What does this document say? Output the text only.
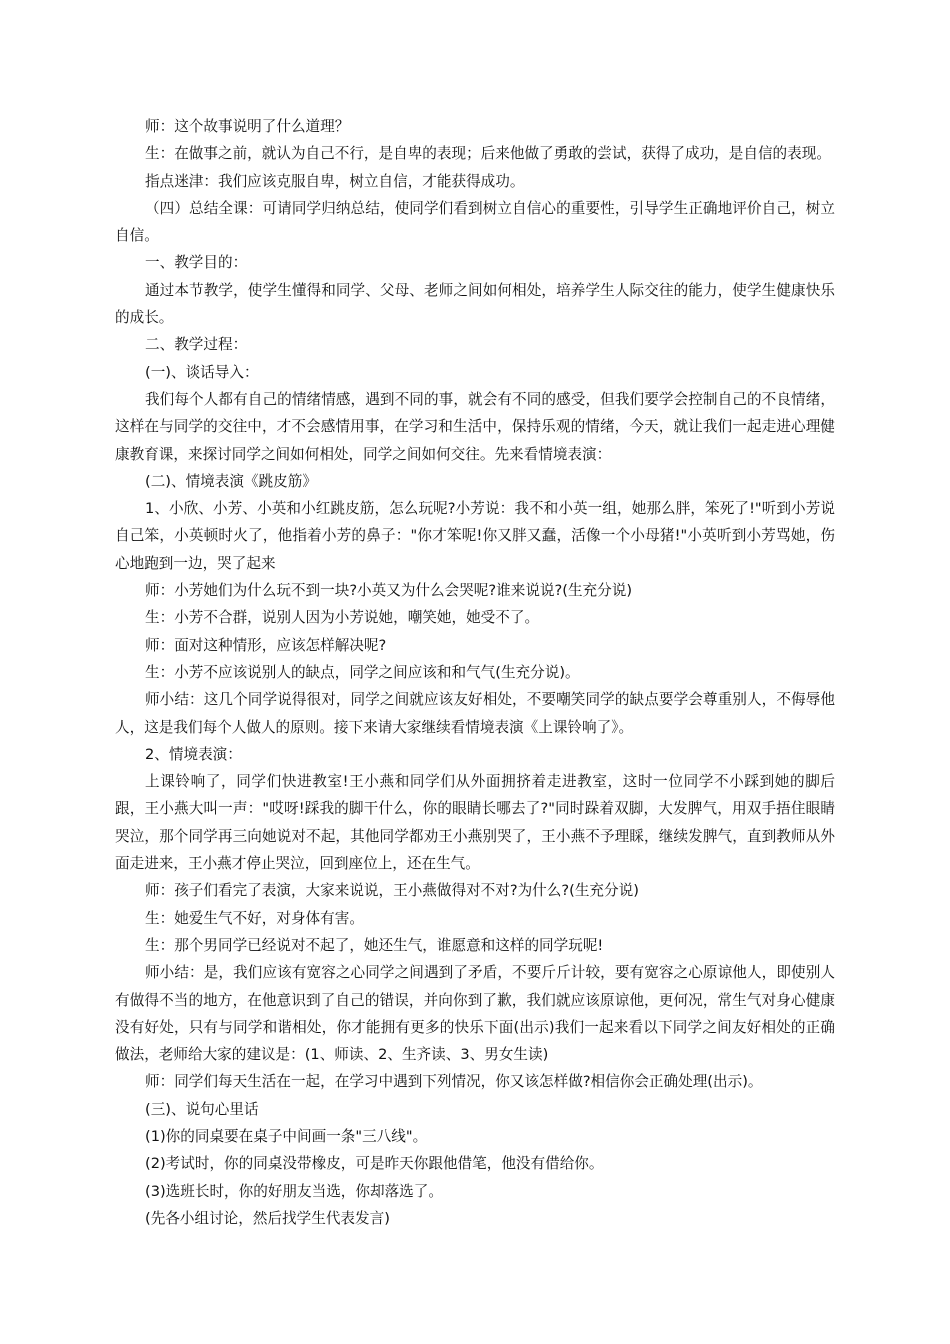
师：这个故事说明了什么道理？

生：在做事之前，就认为自己不行，是自卑的表现；后来他做了勇敢的尝试，获得了成功，是自信的表现。

指点迷津：我们应该克服自卑，树立自信，才能获得成功。

（四）总结全课：可请同学归纳总结，使同学们看到树立自信心的重要性，引导学生正确地评价自己，树立自信。

一、教学目的：

通过本节教学，使学生懂得和同学、父母、老师之间如何相处，培养学生人际交往的能力，使学生健康快乐的成长。

二、教学过程：

(一)、谈话导入：

我们每个人都有自己的情绪情感，遇到不同的事，就会有不同的感受，但我们要学会控制自己的不良情绪，这样在与同学的交往中，才不会感情用事，在学习和生活中，保持乐观的情绪，今天，就让我们一起走进心理健康教育课，来探讨同学之间如何相处，同学之间如何交往。先来看情境表演：

(二)、情境表演《跳皮筋》

1、小欣、小芳、小英和小红跳皮筋，怎么玩呢?小芳说：我不和小英一组，她那么胖，笨死了!"听到小芳说自己笨，小英顿时火了，他指着小芳的鼻子："你才笨呢!你又胖又蠢，活像一个小母猪!"小英听到小芳骂她，伤心地跑到一边，哭了起来

师：小芳她们为什么玩不到一块?小英又为什么会哭呢?谁来说说?(生充分说)

生：小芳不合群，说别人因为小芳说她，嘲笑她，她受不了。

师：面对这种情形，应该怎样解决呢?

生：小芳不应该说别人的缺点，同学之间应该和和气气(生充分说)。

师小结：这几个同学说得很对，同学之间就应该友好相处，不要嘲笑同学的缺点要学会尊重别人，不侮辱他人，这是我们每个人做人的原则。接下来请大家继续看情境表演《上课铃响了》。

2、情境表演：

上课铃响了，同学们快进教室!王小燕和同学们从外面拥挤着走进教室，这时一位同学不小踩到她的脚后跟，王小燕大叫一声："哎呀!踩我的脚干什么，你的眼睛长哪去了?"同时跺着双脚，大发脾气，用双手捂住眼睛哭泣，那个同学再三向她说对不起，其他同学都劝王小燕别哭了，王小燕不予理睬，继续发脾气，直到教师从外面走进来，王小燕才停止哭泣，回到座位上，还在生气。

师：孩子们看完了表演，大家来说说，王小燕做得对不对?为什么?(生充分说)

生：她爱生气不好，对身体有害。

生：那个男同学已经说对不起了，她还生气，谁愿意和这样的同学玩呢!

师小结：是，我们应该有宽容之心同学之间遇到了矛盾，不要斤斤计较，要有宽容之心原谅他人，即使别人有做得不当的地方，在他意识到了自己的错误，并向你到了歉，我们就应该原谅他，更何况，常生气对身心健康没有好处，只有与同学和谐相处，你才能拥有更多的快乐下面(出示)我们一起来看以下同学之间友好相处的正确做法，老师给大家的建议是：(1、师读、2、生齐读、3、男女生读)

师：同学们每天生活在一起，在学习中遇到下列情况，你又该怎样做?相信你会正确处理(出示)。

(三)、说句心里话

(1)你的同桌要在桌子中间画一条"三八线"。

(2)考试时，你的同桌没带橡皮，可是昨天你跟他借笔，他没有借给你。

(3)选班长时，你的好朋友当选，你却落选了。

(先各小组讨论，然后找学生代表发言)
